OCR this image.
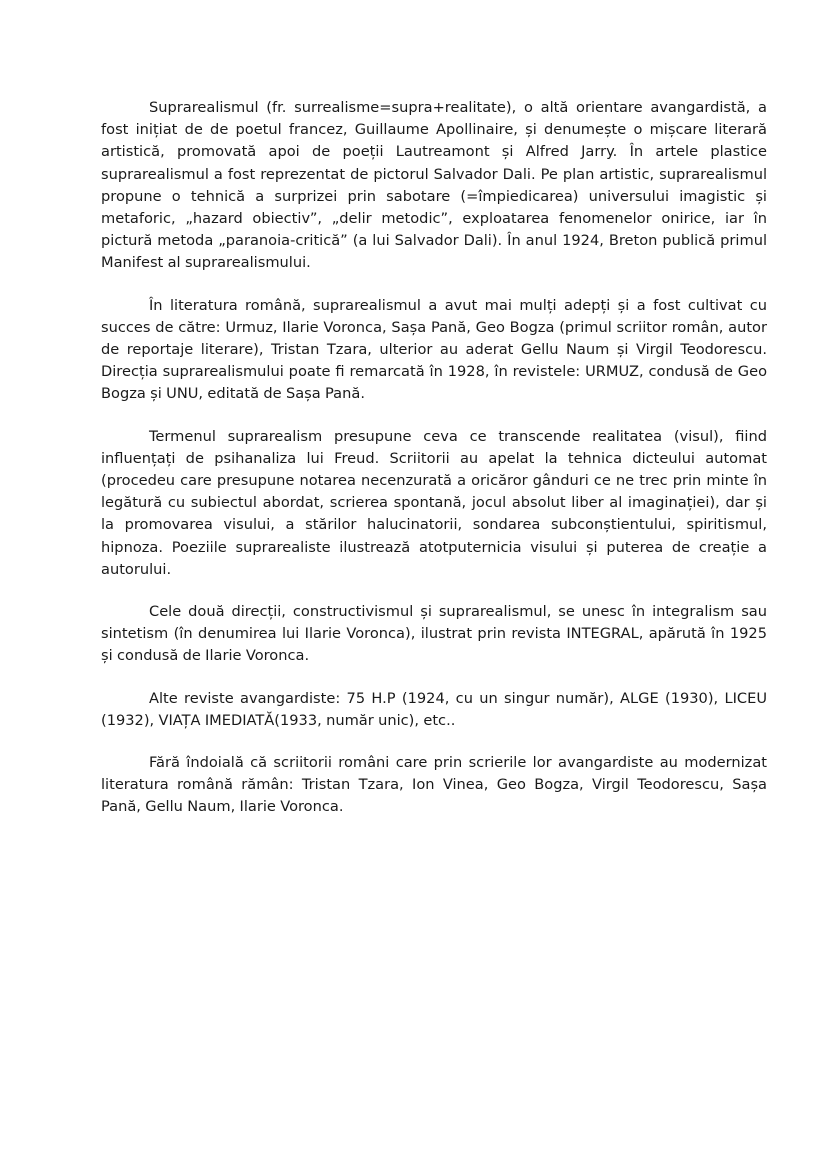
Suprarealismul (fr. surrealisme=supra+realitate), o altă orientare avangardistă, a fost inițiat de de poetul francez, Guillaume Apollinaire, și denumește o mișcare literară artistică, promovată apoi de poeții Lautreamont și Alfred Jarry. În artele plastice suprarealismul a fost reprezentat de pictorul Salvador Dali. Pe plan artistic, suprarealismul propune o tehnică a surprizei prin sabotare (=împiedicarea) universului imagistic și metaforic, „hazard obiectiv”, „delir metodic”, exploatarea fenomenelor onirice, iar în pictură metoda „paranoia-critică” (a lui Salvador Dali). În anul 1924, Breton publică primul Manifest al suprarealismului.

În literatura română, suprarealismul a avut mai mulți adepți și a fost cultivat cu succes de către: Urmuz, Ilarie Voronca, Sașa Pană, Geo Bogza (primul scriitor român, autor de reportaje literare), Tristan Tzara, ulterior au aderat Gellu Naum și Virgil Teodorescu. Direcția suprarealismului poate fi remarcată în 1928, în revistele: URMUZ, condusă de Geo Bogza și UNU, editată de Sașa Pană.

Termenul suprarealism presupune ceva ce transcende realitatea (visul), fiind influențați de psihanaliza lui Freud. Scriitorii au apelat la tehnica dicteului automat (procedeu care presupune notarea necenzurată a oricăror gânduri ce ne trec prin minte în legătură cu subiectul abordat, scrierea spontană, jocul absolut liber al imaginației), dar și la promovarea visului, a stărilor halucinatorii, sondarea subconștientului, spiritismul, hipnoza. Poeziile suprarealiste ilustrează atotputernicia visului și puterea de creație a autorului.

Cele două direcții, constructivismul și suprarealismul, se unesc în integralism sau sintetism (în denumirea lui Ilarie Voronca), ilustrat prin revista INTEGRAL, apărută în 1925 și condusă de Ilarie Voronca.

Alte reviste avangardiste: 75 H.P (1924, cu un singur număr), ALGE (1930), LICEU (1932), VIAȚA IMEDIATĂ(1933, număr unic), etc..

Fără îndoială că scriitorii români care prin scrierile lor avangardiste au modernizat literatura română rămân: Tristan Tzara, Ion Vinea, Geo Bogza, Virgil Teodorescu, Sașa Pană, Gellu Naum, Ilarie Voronca.
